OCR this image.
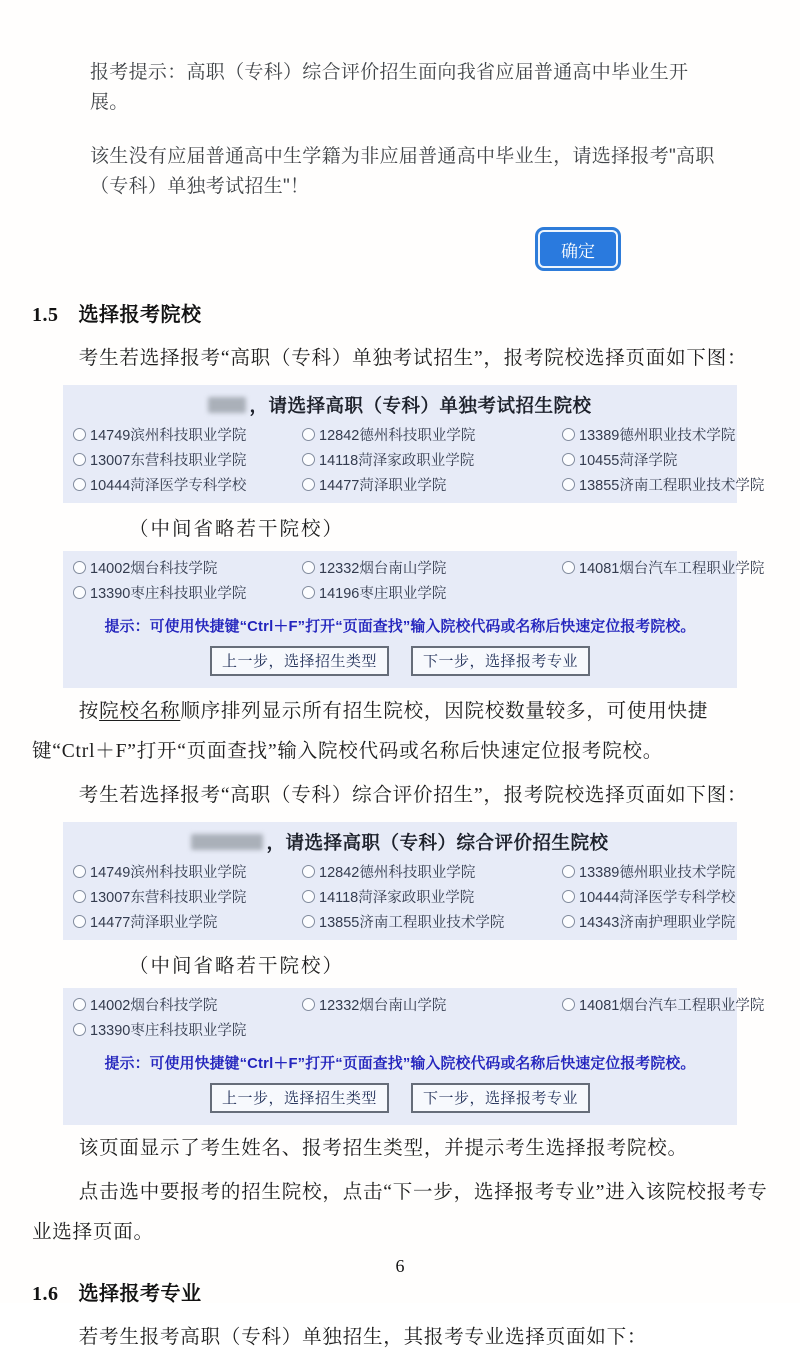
报考提示：高职（专科）综合评价招生面向我省应届普通高中毕业生开展。

该生没有应届普通高中生学籍为非应届普通高中毕业生，请选择报考"高职（专科）单独考试招生"！

确定
1.5 选择报考院校

考生若选择报考“高职（专科）单独考试招生”，报考院校选择页面如下图：

，请选择高职（专科）单独考试招生院校
14749滨州科技职业学院	12842德州科技职业学院	13389德州职业技术学院
13007东营科技职业学院	14118菏泽家政职业学院	10455菏泽学院
10444菏泽医学专科学校	14477菏泽职业学院	13855济南工程职业技术学院

（中间省略若干院校）

14002烟台科技学院	12332烟台南山学院	14081烟台汽车工程职业学院
13390枣庄科技职业学院	14196枣庄职业学院
提示：可使用快捷键“Ctrl＋F”打开“页面查找”输入院校代码或名称后快速定位报考院校。
上一步，选择招生类型	下一步，选择报考专业

按院校名称顺序排列显示所有招生院校，因院校数量较多，可使用快捷键“Ctrl＋F”打开“页面查找”输入院校代码或名称后快速定位报考院校。

考生若选择报考“高职（专科）综合评价招生”，报考院校选择页面如下图：

，请选择高职（专科）综合评价招生院校
14749滨州科技职业学院	12842德州科技职业学院	13389德州职业技术学院
13007东营科技职业学院	14118菏泽家政职业学院	10444菏泽医学专科学校
14477菏泽职业学院	13855济南工程职业技术学院	14343济南护理职业学院

（中间省略若干院校）

14002烟台科技学院	12332烟台南山学院	14081烟台汽车工程职业学院
13390枣庄科技职业学院
提示：可使用快捷键“Ctrl＋F”打开“页面查找”输入院校代码或名称后快速定位报考院校。
上一步，选择招生类型	下一步，选择报考专业

该页面显示了考生姓名、报考招生类型，并提示考生选择报考院校。

点击选中要报考的招生院校，点击“下一步，选择报考专业”进入该院校报考专业选择页面。

1.6 选择报考专业

若考生报考高职（专科）单独招生，其报考专业选择页面如下：

6
